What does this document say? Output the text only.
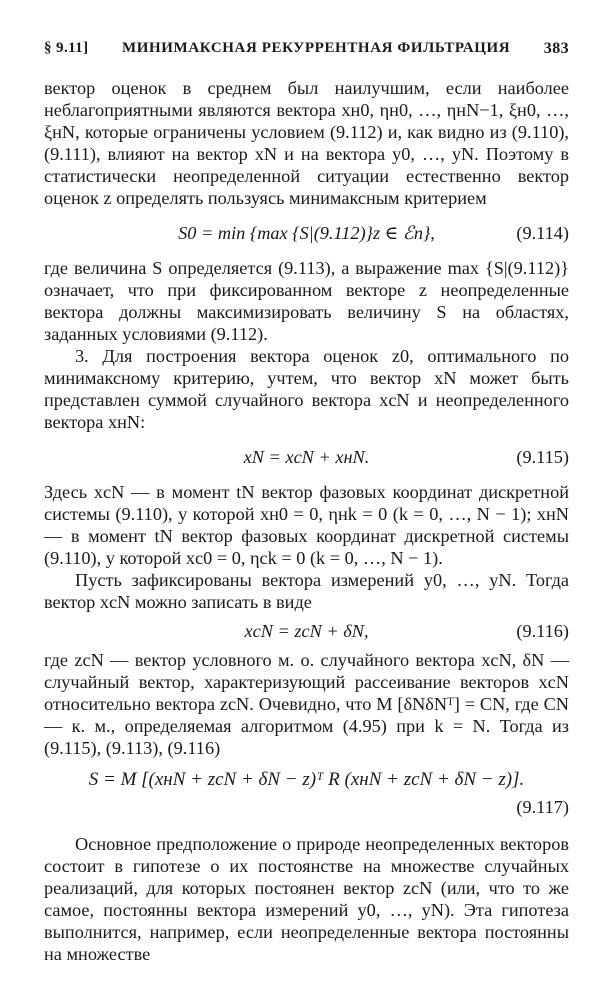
§ 9.11] МИНИМАКСНАЯ РЕКУРРЕНТНАЯ ФИЛЬТРАЦИЯ 383

вектор оценок в среднем был наилучшим, если наиболее неблагоприятными являются вектора xн0, ηн0, …, ηнN−1, ξн0, …, ξнN, которые ограничены условием (9.112) и, как видно из (9.110), (9.111), влияют на вектор xN и на вектора y0, …, yN. Поэтому в статистически неопределенной ситуации естественно вектор оценок z определять пользуясь минимаксным критерием

S0 = min {max {S|(9.112)}z ∈ ℰn},	(9.114)

где величина S определяется (9.113), а выражение max {S|(9.112)} означает, что при фиксированном векторе z неопределенные вектора должны максимизировать величину S на областях, заданных условиями (9.112).

3. Для построения вектора оценок z0, оптимального по минимаксному критерию, учтем, что вектор xN может быть представлен суммой случайного вектора xсN и неопределенного вектора xнN:

xN = xсN + xнN.	(9.115)

Здесь xсN — в момент tN вектор фазовых координат дискретной системы (9.110), у которой xн0 = 0, ηнk = 0 (k = 0, …, N − 1); xнN — в момент tN вектор фазовых координат дискретной системы (9.110), у которой xс0 = 0, ηсk = 0 (k = 0, …, N − 1).

Пусть зафиксированы вектора измерений y0, …, yN. Тогда вектор xсN можно записать в виде

xсN = zсN + δN,	(9.116)

где zсN — вектор условного м. о. случайного вектора xсN, δN — случайный вектор, характеризующий рассеивание векторов xсN относительно вектора zсN. Очевидно, что M [δNδNᵀ] = CN, где CN — к. м., определяемая алгоритмом (4.95) при k = N. Тогда из (9.115), (9.113), (9.116)

S = M [(xнN + zсN + δN − z)ᵀ R (xнN + zсN + δN − z)].
(9.117)

Основное предположение о природе неопределенных векторов состоит в гипотезе о их постоянстве на множестве случайных реализаций, для которых постоянен вектор zсN (или, что то же самое, постоянны вектора измерений y0, …, yN). Эта гипотеза выполнится, например, если неопределенные вектора постоянны на множестве
